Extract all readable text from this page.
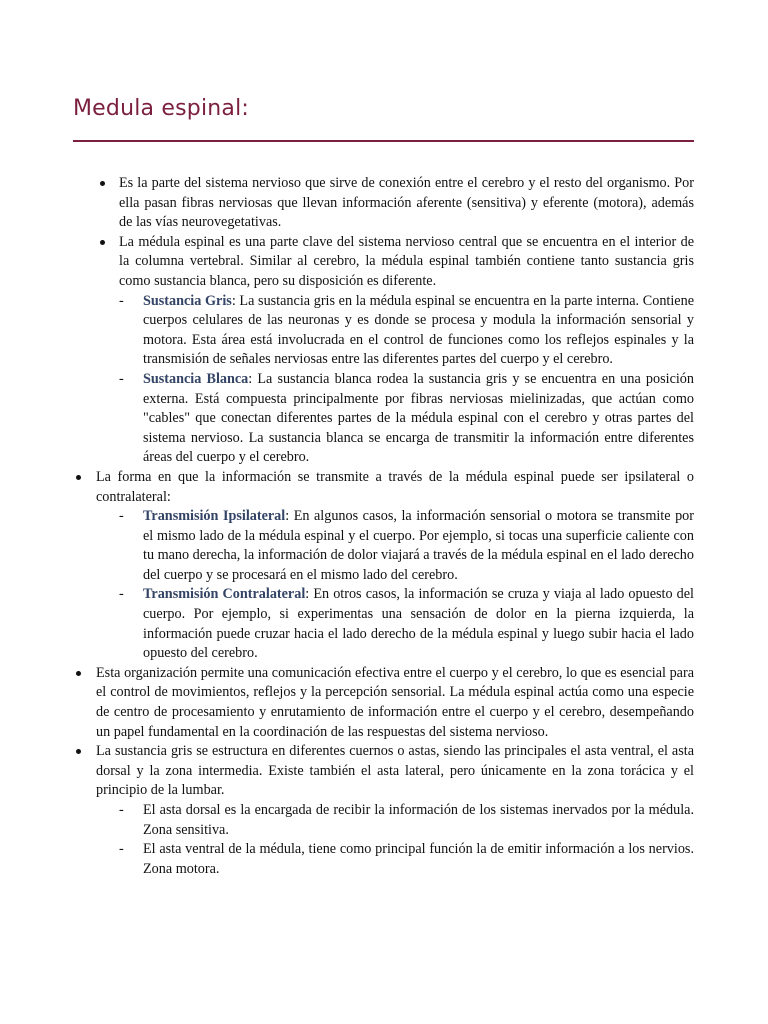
Medula espinal:
Es la parte del sistema nervioso que sirve de conexión entre el cerebro y el resto del organismo. Por ella pasan fibras nerviosas que llevan información aferente (sensitiva) y eferente (motora), además de las vías neurovegetativas.
La médula espinal es una parte clave del sistema nervioso central que se encuentra en el interior de la columna vertebral. Similar al cerebro, la médula espinal también contiene tanto sustancia gris como sustancia blanca, pero su disposición es diferente.
- Sustancia Gris: La sustancia gris en la médula espinal se encuentra en la parte interna. Contiene cuerpos celulares de las neuronas y es donde se procesa y modula la información sensorial y motora. Esta área está involucrada en el control de funciones como los reflejos espinales y la transmisión de señales nerviosas entre las diferentes partes del cuerpo y el cerebro.
- Sustancia Blanca: La sustancia blanca rodea la sustancia gris y se encuentra en una posición externa. Está compuesta principalmente por fibras nerviosas mielinizadas, que actúan como "cables" que conectan diferentes partes de la médula espinal con el cerebro y otras partes del sistema nervioso. La sustancia blanca se encarga de transmitir la información entre diferentes áreas del cuerpo y el cerebro.
La forma en que la información se transmite a través de la médula espinal puede ser ipsilateral o contralateral:
- Transmisión Ipsilateral: En algunos casos, la información sensorial o motora se transmite por el mismo lado de la médula espinal y el cuerpo. Por ejemplo, si tocas una superficie caliente con tu mano derecha, la información de dolor viajará a través de la médula espinal en el lado derecho del cuerpo y se procesará en el mismo lado del cerebro.
- Transmisión Contralateral: En otros casos, la información se cruza y viaja al lado opuesto del cuerpo. Por ejemplo, si experimentas una sensación de dolor en la pierna izquierda, la información puede cruzar hacia el lado derecho de la médula espinal y luego subir hacia el lado opuesto del cerebro.
Esta organización permite una comunicación efectiva entre el cuerpo y el cerebro, lo que es esencial para el control de movimientos, reflejos y la percepción sensorial. La médula espinal actúa como una especie de centro de procesamiento y enrutamiento de información entre el cuerpo y el cerebro, desempeñando un papel fundamental en la coordinación de las respuestas del sistema nervioso.
La sustancia gris se estructura en diferentes cuernos o astas, siendo las principales el asta ventral, el asta dorsal y la zona intermedia. Existe también el asta lateral, pero únicamente en la zona torácica y el principio de la lumbar.
- El asta dorsal es la encargada de recibir la información de los sistemas inervados por la médula. Zona sensitiva.
- El asta ventral de la médula, tiene como principal función la de emitir información a los nervios. Zona motora.
